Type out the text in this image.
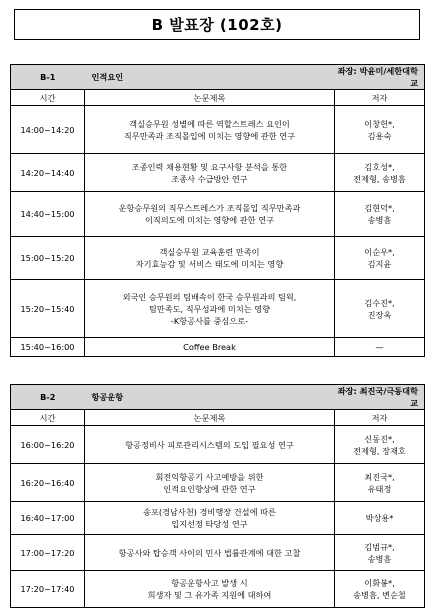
B 발표장 (102호)
B-1	인적요인	좌장: 박윤미/세한대학교
시간	논문제목	저자
14:00~14:20	객실승무원 성별에 따른 역할스트레스 요인이
직무만족과 조직몰입에 미치는 영향에 관한 연구	이창헌*,
김용숙

14:20~14:40	조종인력 채용현황 및 요구사항 분석을 통한
조종사 수급방안 연구	김호성*,
전제형, 송병흠

14:40~15:00	운항승무원의 직무스트레스가 조직몰입 직무만족과
이직의도에 미치는 영향에 관한 연구	김현덕*,
송병흠

15:00~15:20	객실승무원 교육훈련 만족이
자기효능감 및 서비스 태도에 미치는 영향	이순우*,
김지윤

15:20~15:40	외국인 승무원의 팀배속이 한국 승무원과의 팀웍,
팀만족도, 직무성과에 미치는 영향
-K항공사를 중심으로-	김수진*,
진장옥

15:40~16:00	Coffee Break	—
B-2	항공운항	좌장: 최진국/극동대학교
시간	논문제목	저자
16:00~16:20	항공정비사 피로관리시스템의 도입 필요성 연구	신동진*,
전제형, 장재호

16:20~16:40	회전익항공기 사고예방을 위한
인적요인향상에 관한 연구	최진국*,
유태정

16:40~17:00	송포(경남사천) 경비행장 건설에 따른
입지선정 타당성 연구	박상용*

17:00~17:20	항공사와 탑승객 사이의 민사 법률관계에 대한 고찰	김범규*,
송병흠

17:20~17:40	항공운항사고 발생 시
희생자 및 그 유가족 지원에 대하여	이화봉*,
송병흠, 변순철
